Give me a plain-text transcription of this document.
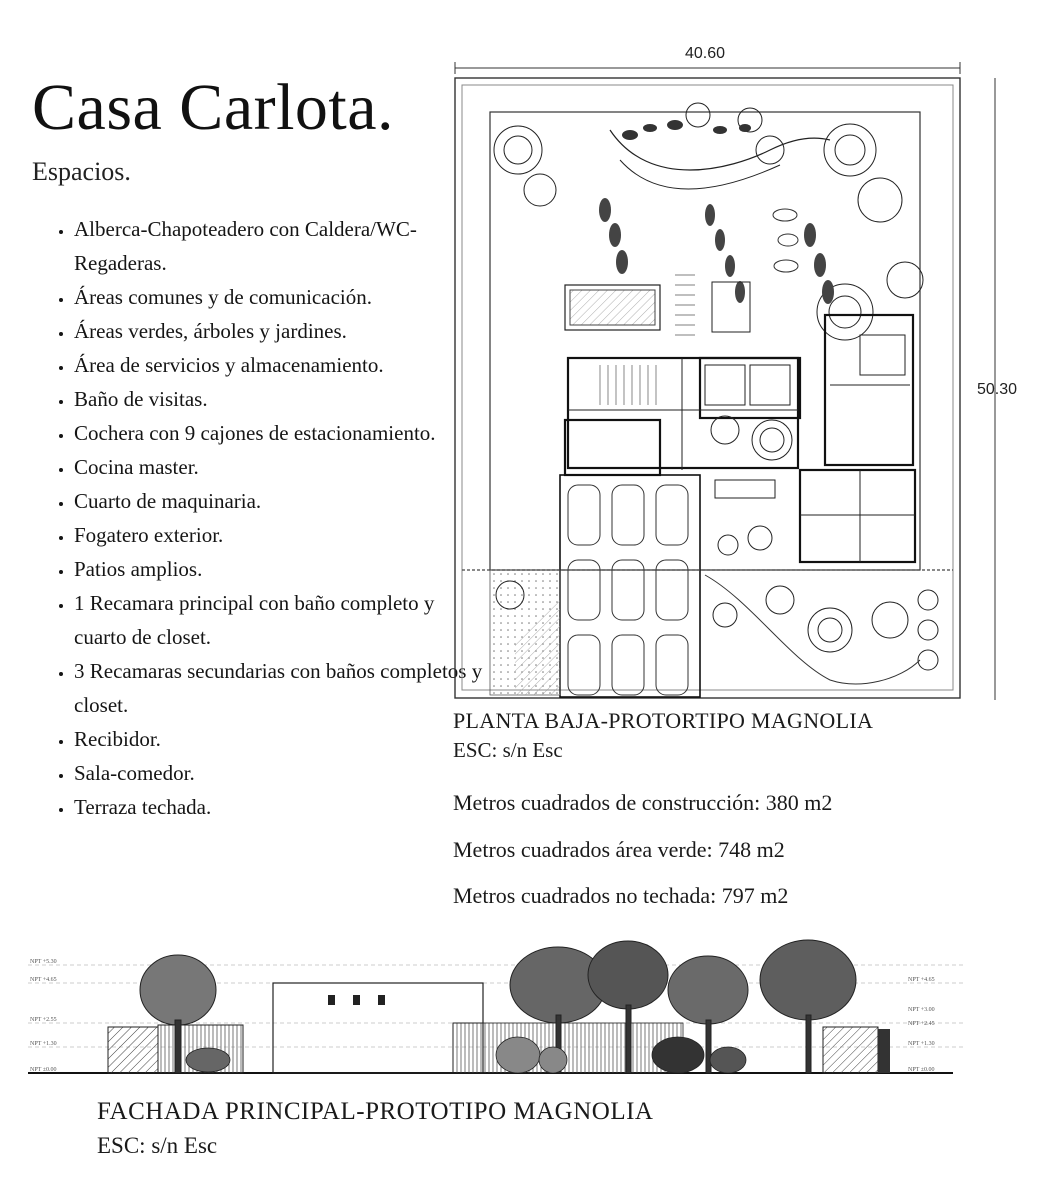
Casa Carlota.
Espacios.
• Alberca-Chapoteadero con Caldera/WC-Regaderas.
• Áreas comunes y de comunicación.
• Áreas verdes, árboles y jardines.
• Área de servicios y almacenamiento.
• Baño de visitas.
• Cochera con 9 cajones de estacionamiento.
• Cocina master.
• Cuarto de maquinaria.
• Fogatero exterior.
• Patios amplios.
• 1 Recamara principal con baño completo y cuarto de closet.
• 3 Recamaras secundarias con baños completos y closet.
• Recibidor.
• Sala-comedor.
• Terraza techada.
40.60
50.30
PLANTA BAJA-PROTORTIPO MAGNOLIA
ESC: s/n Esc
Metros cuadrados de construcción: 380 m2
Metros cuadrados área verde: 748 m2
Metros cuadrados no techada: 797 m2
NPT +5.30
NPT +4.65
NPT +2.55
NPT +1.30
NPT ±0.00
NPT +4.65
NPT +3.00
NPT +2.45
NPT +1.30
NPT ±0.00
FACHADA PRINCIPAL-PROTOTIPO MAGNOLIA
ESC: s/n Esc
